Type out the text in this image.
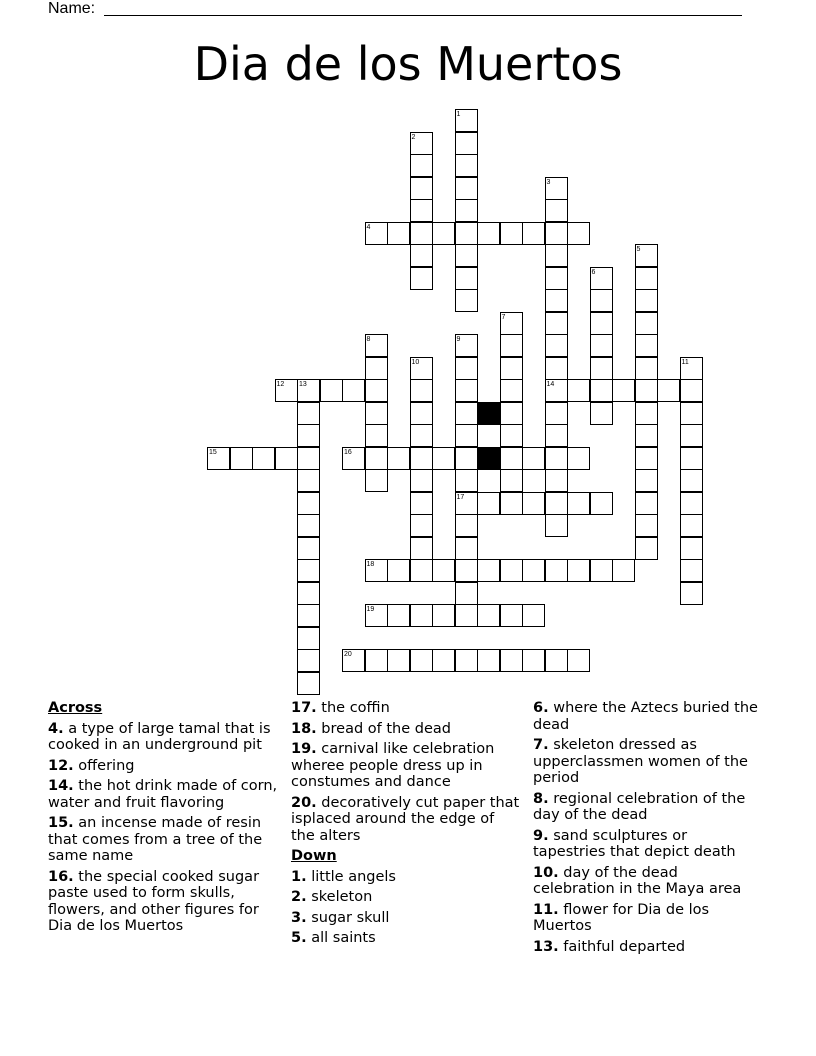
Name:
Dia de los Muertos
1
2
3
4
5
6
7
8	9
10	11
12 13	14
15	16
17
18
19
20
Across
4. a type of large tamal that is cooked in an underground pit
12. offering
14. the hot drink made of corn, water and fruit flavoring
15. an incense made of resin that comes from a tree of the same name
16. the special cooked sugar paste used to form skulls, flowers, and other figures for Dia de los Muertos
17. the coffin
18. bread of the dead
19. carnival like celebration wheree people dress up in constumes and dance
20. decoratively cut paper that isplaced around the edge of the alters
Down
1. little angels
2. skeleton
3. sugar skull
5. all saints
6. where the Aztecs buried the dead
7. skeleton dressed as upperclassmen women of the period
8. regional celebration of the day of the dead
9. sand sculptures or tapestries that depict death
10. day of the dead celebration in the Maya area
11. flower for Dia de los Muertos
13. faithful departed
